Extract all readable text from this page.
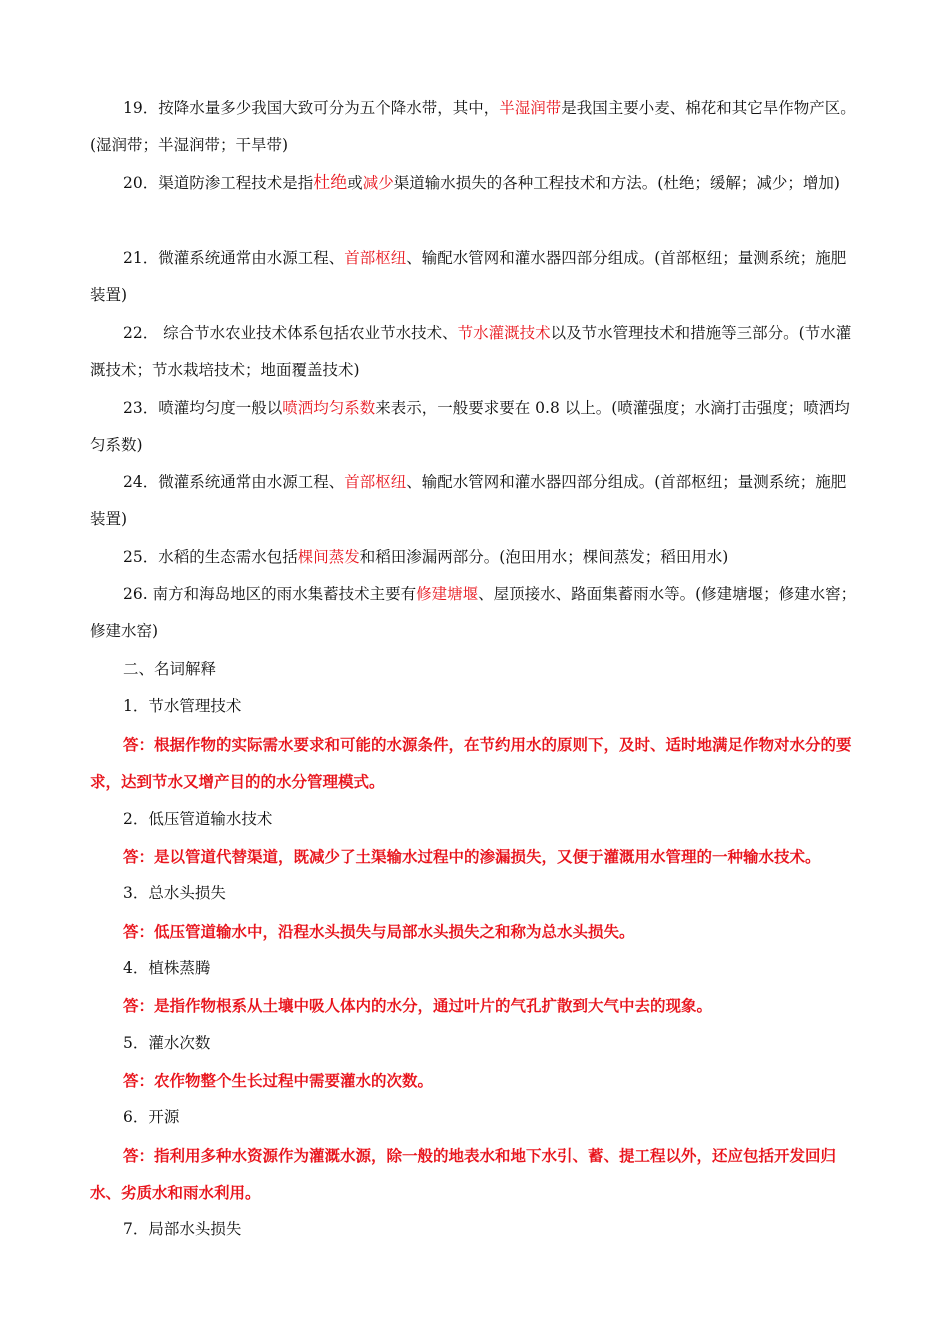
19．按降水量多少我国大致可分为五个降水带，其中，半湿润带是我国主要小麦、棉花和其它旱作物产区。(湿润带；半湿润带；干旱带)
20．渠道防渗工程技术是指杜绝或减少渠道输水损失的各种工程技术和方法。(杜绝；缓解；减少；增加)
21．微灌系统通常由水源工程、首部枢纽、输配水管网和灌水器四部分组成。(首部枢纽；量测系统；施肥装置)
22． 综合节水农业技术体系包括农业节水技术、节水灌溉技术以及节水管理技术和措施等三部分。(节水灌溉技术；节水栽培技术；地面覆盖技术)
23．喷灌均匀度一般以喷洒均匀系数来表示，一般要求要在 0.8 以上。(喷灌强度；水滴打击强度；喷洒均匀系数)
24．微灌系统通常由水源工程、首部枢纽、输配水管网和灌水器四部分组成。(首部枢纽；量测系统；施肥装置)
25．水稻的生态需水包括棵间蒸发和稻田渗漏两部分。(泡田用水；棵间蒸发；稻田用水)
26. 南方和海岛地区的雨水集蓄技术主要有修建塘堰、屋顶接水、路面集蓄雨水等。(修建塘堰；修建水窖；修建水窑)
二、名词解释
1．节水管理技术
答：根据作物的实际需水要求和可能的水源条件，在节约用水的原则下，及时、适时地满足作物对水分的要求，达到节水又增产目的的水分管理模式。
2．低压管道输水技术
答：是以管道代替渠道，既减少了土渠输水过程中的渗漏损失，又便于灌溉用水管理的一种输水技术。
3．总水头损失
答：低压管道输水中，沿程水头损失与局部水头损失之和称为总水头损失。
4．植株蒸腾
答：是指作物根系从土壤中吸人体内的水分，通过叶片的气孔扩散到大气中去的现象。
5．灌水次数
答：农作物整个生长过程中需要灌水的次数。
6．开源
答：指利用多种水资源作为灌溉水源，除一般的地表水和地下水引、蓄、提工程以外，还应包括开发回归水、劣质水和雨水利用。
7．局部水头损失
